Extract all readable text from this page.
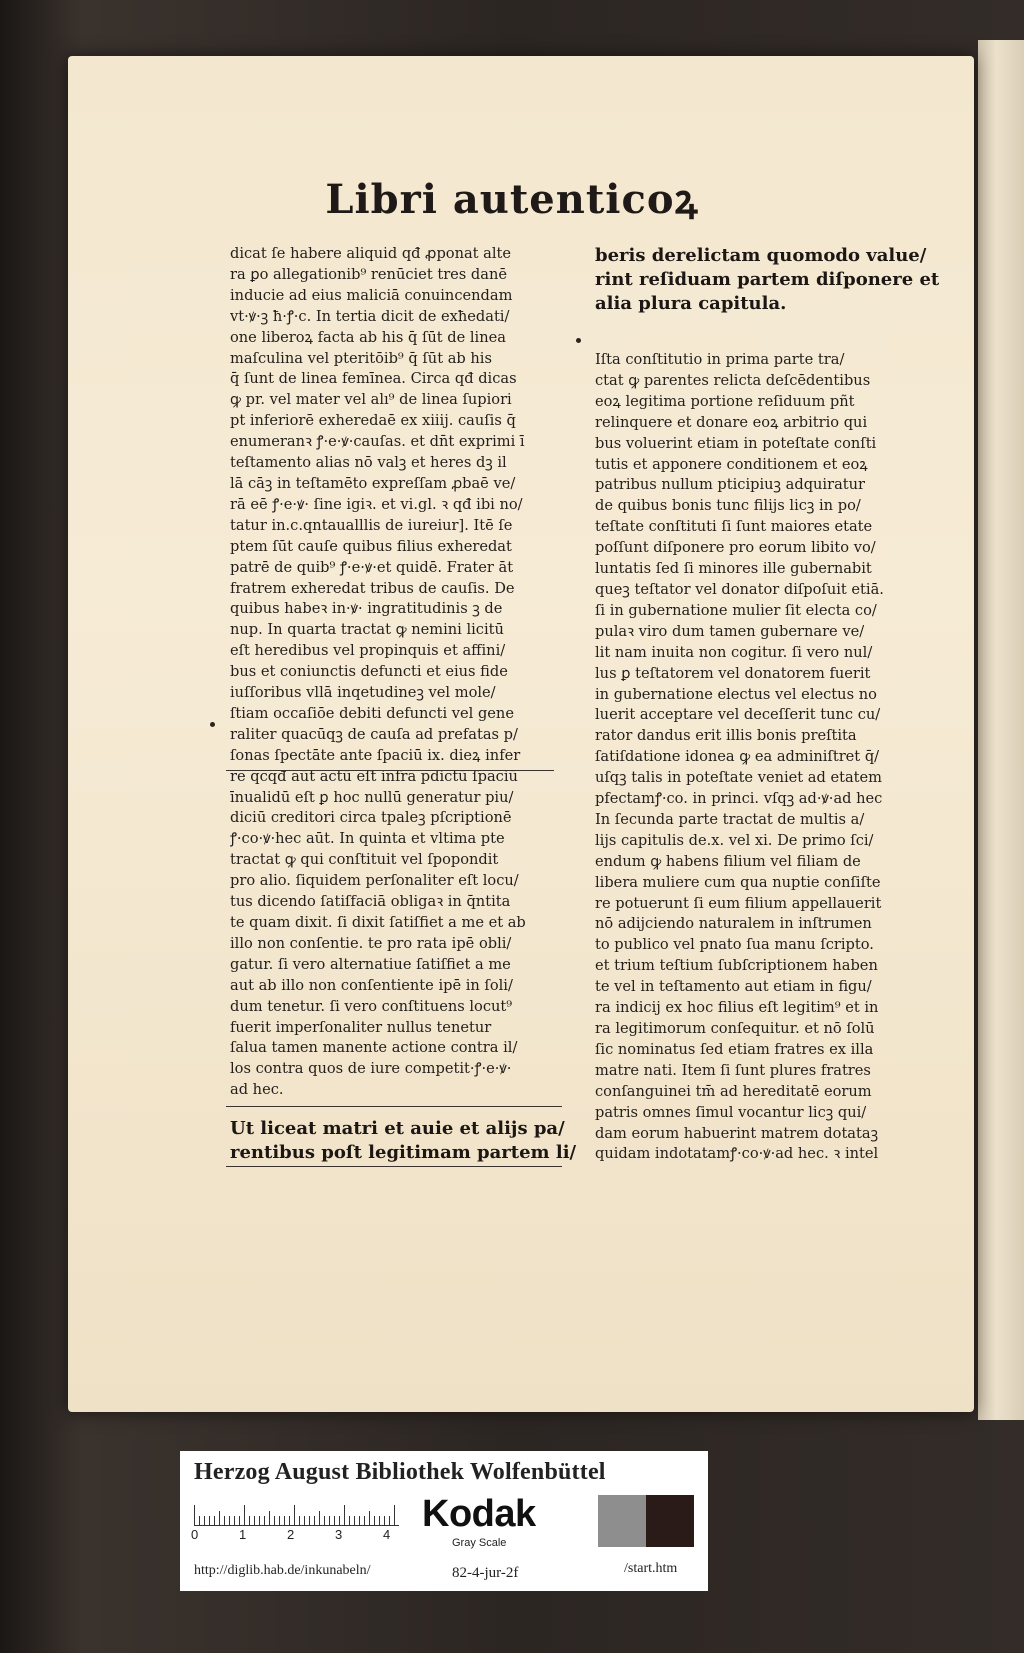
Libri autenticoꝝ
dicat ſe habere aliquid qđ ꝓponat alte
ra ꝑo allegationib⁹ renūciet tres danē
inducie ad eius maliciā conuincendam
vt·ꝟ·ꝫ ħ·ꝭ·c. In tertia dicit de exħedati/
one liberoꝝ facta ab his q̄ ſūt de linea
maſculina vel pteritōib⁹ q̄ ſūt ab his
q̄ ſunt de linea femīnea. Circa qđ dicas
ꝙ pr. vel mater vel alı⁹ de linea ſupiori
pt inferiorē exheredaē ex xiiij. cauſis q̄
enumeranꝛ ꝭ·e·ꝟ·cauſas. et dn̄t exprimi ī
teſtamento alias nō valꝫ et heres dꝫ il
lā cāꝫ in teſtamēto expreſſam ꝓbaē ve/
rā eē ꝭ·e·ꝟ· ſine igiꝛ. et vi.gl. ꝛ qđ ibi no/
tatur in.c.qntaualllis de iureiur]. Itē ſe
ptem ſūt cauſe quibus filius exheredat
patrē de quib⁹ ꝭ·e·ꝟ·et quidē. Frater āt
fratrem exheredat tribus de cauſis. De
quibus habeꝛ in·ꝟ· ingratitudinis ꝫ de
nup. In quarta tractat ꝙ nemini licitū
eſt heredibus vel propinquis et affini/
bus et coniunctis defuncti et eius fide
iuſſoribus vllā inqetudineꝫ vel mole/
ſtiam occaſiōe debiti defuncti vel gene
raliter quacūqꝫ de cauſa ad prefatas p/
ſonas ſpectāte ante ſpaciū ix. dieꝝ infer
re qcqđ aūt actū eſt infra pdictū ſpaciū
īnualidū eſt ꝑ hoc nullū generatur piu/
diciū creditori circa tpaleꝫ pſcriptionē
ꝭ·co·ꝟ·hec aūt. In quinta et vltima pte
tractat ꝙ qui conſtituit vel ſpopondit
pro alio. ſiquidem perſonaliter eſt locu/
tus dicendo ſatiſfaciā obligaꝛ in q̄ntita
te quam dixit. ſi dixit ſatiſfiet a me et ab
illo non conſentie. te pro rata ipē obli/
gatur. ſi vero alternatiue ſatiſfiet a me
aut ab illo non conſentiente ipē in ſoli/
dum tenetur. ſi vero conſtituens locut⁹
fuerit imperſonaliter nullus tenetur
ſalua tamen manente actione contra il/
los contra quos de iure competit·ꝭ·e·ꝟ·
ad hec.
Ut liceat matri et auie et alijs pa/
rentibus poſt legitimam partem li/
beris derelictam quomodo value/
rint reſiduam partem diſponere et
alia plura capitula.
Iſta conſtitutio in prima parte tra/
ctat ꝙ parentes relicta deſcēdentibus
eoꝝ legitima portione reſiduum pñt
relinquere et donare eoꝝ arbitrio qui
bus voluerint etiam in poteſtate conſti
tutis et apponere conditionem et eoꝝ
patribus nullum pticipiuꝫ adquiratur
de quibus bonis tunc filijs licꝫ in po/
teſtate conſtituti ſi ſunt maiores etate
poſſunt diſponere pro eorum libito vo/
luntatis ſed ſi minores ille gubernabit
queꝫ teſtator vel donator diſpoſuit etiā.
ſi in gubernatione mulier ſit electa co/
pulaꝛ viro dum tamen gubernare ve/
lit nam inuita non cogitur. ſi vero nul/
lus ꝑ teſtatorem vel donatorem fuerit
in gubernatione electus vel electus no
luerit acceptare vel deceſſerit tunc cu/
rator dandus erit illis bonis preſtita
ſatiſdatione idonea ꝙ ea adminiſtret q̄/
uſqꝫ talis in poteſtate veniet ad etatem
pfectamꝭ·co. in princi. vſqꝫ ad·ꝟ·ad hec
In ſecunda parte tractat de multis a/
lijs capitulis de.x. vel xi. De primo ſci/
endum ꝙ habens filium vel filiam de
libera muliere cum qua nuptie conſiſte
re potuerunt ſi eum filium appellauerit
nō adijciendo naturalem in inſtrumen
to publico vel pnato ſua manu ſcripto.
et trium teſtium ſubſcriptionem haben
te vel in teſtamento aut etiam in figu/
ra indicij ex hoc filius eſt legitim⁹ et in
ra legitimorum conſequitur. et nō ſolū
ſic nominatus ſed etiam fratres ex illa
matre nati. Item ſi ſunt plures fratres
conſanguinei tm̄ ad hereditatē eorum
patris omnes ſimul vocantur licꝫ qui/
dam eorum habuerint matrem dotataꝫ
quidam indotatamꝭ·co·ꝟ·ad hec. ꝛ intel
Herzog August Bibliothek Wolfenbüttel
0	1	2	3	4 Kodak
Gray Scale
http://diglib.hab.de/inkunabeln/	82-4-jur-2f	/start.htm
